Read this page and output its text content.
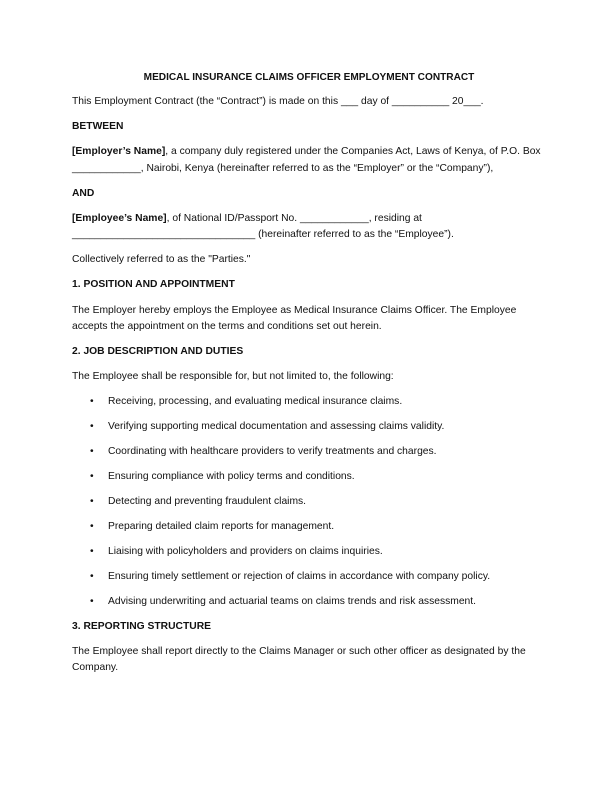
MEDICAL INSURANCE CLAIMS OFFICER EMPLOYMENT CONTRACT

This Employment Contract (the “Contract”) is made on this ___ day of __________ 20___.

BETWEEN

[Employer’s Name], a company duly registered under the Companies Act, Laws of Kenya, of P.O. Box ____________, Nairobi, Kenya (hereinafter referred to as the “Employer” or the “Company”),

AND

[Employee’s Name], of National ID/Passport No. ____________, residing at ________________________________ (hereinafter referred to as the “Employee”).

Collectively referred to as the "Parties."

1. POSITION AND APPOINTMENT

The Employer hereby employs the Employee as Medical Insurance Claims Officer. The Employee accepts the appointment on the terms and conditions set out herein.

2. JOB DESCRIPTION AND DUTIES

The Employee shall be responsible for, but not limited to, the following:

• Receiving, processing, and evaluating medical insurance claims.
• Verifying supporting medical documentation and assessing claims validity.
• Coordinating with healthcare providers to verify treatments and charges.
• Ensuring compliance with policy terms and conditions.
• Detecting and preventing fraudulent claims.
• Preparing detailed claim reports for management.
• Liaising with policyholders and providers on claims inquiries.
• Ensuring timely settlement or rejection of claims in accordance with company policy.
• Advising underwriting and actuarial teams on claims trends and risk assessment.
3. REPORTING STRUCTURE

The Employee shall report directly to the Claims Manager or such other officer as designated by the Company.
